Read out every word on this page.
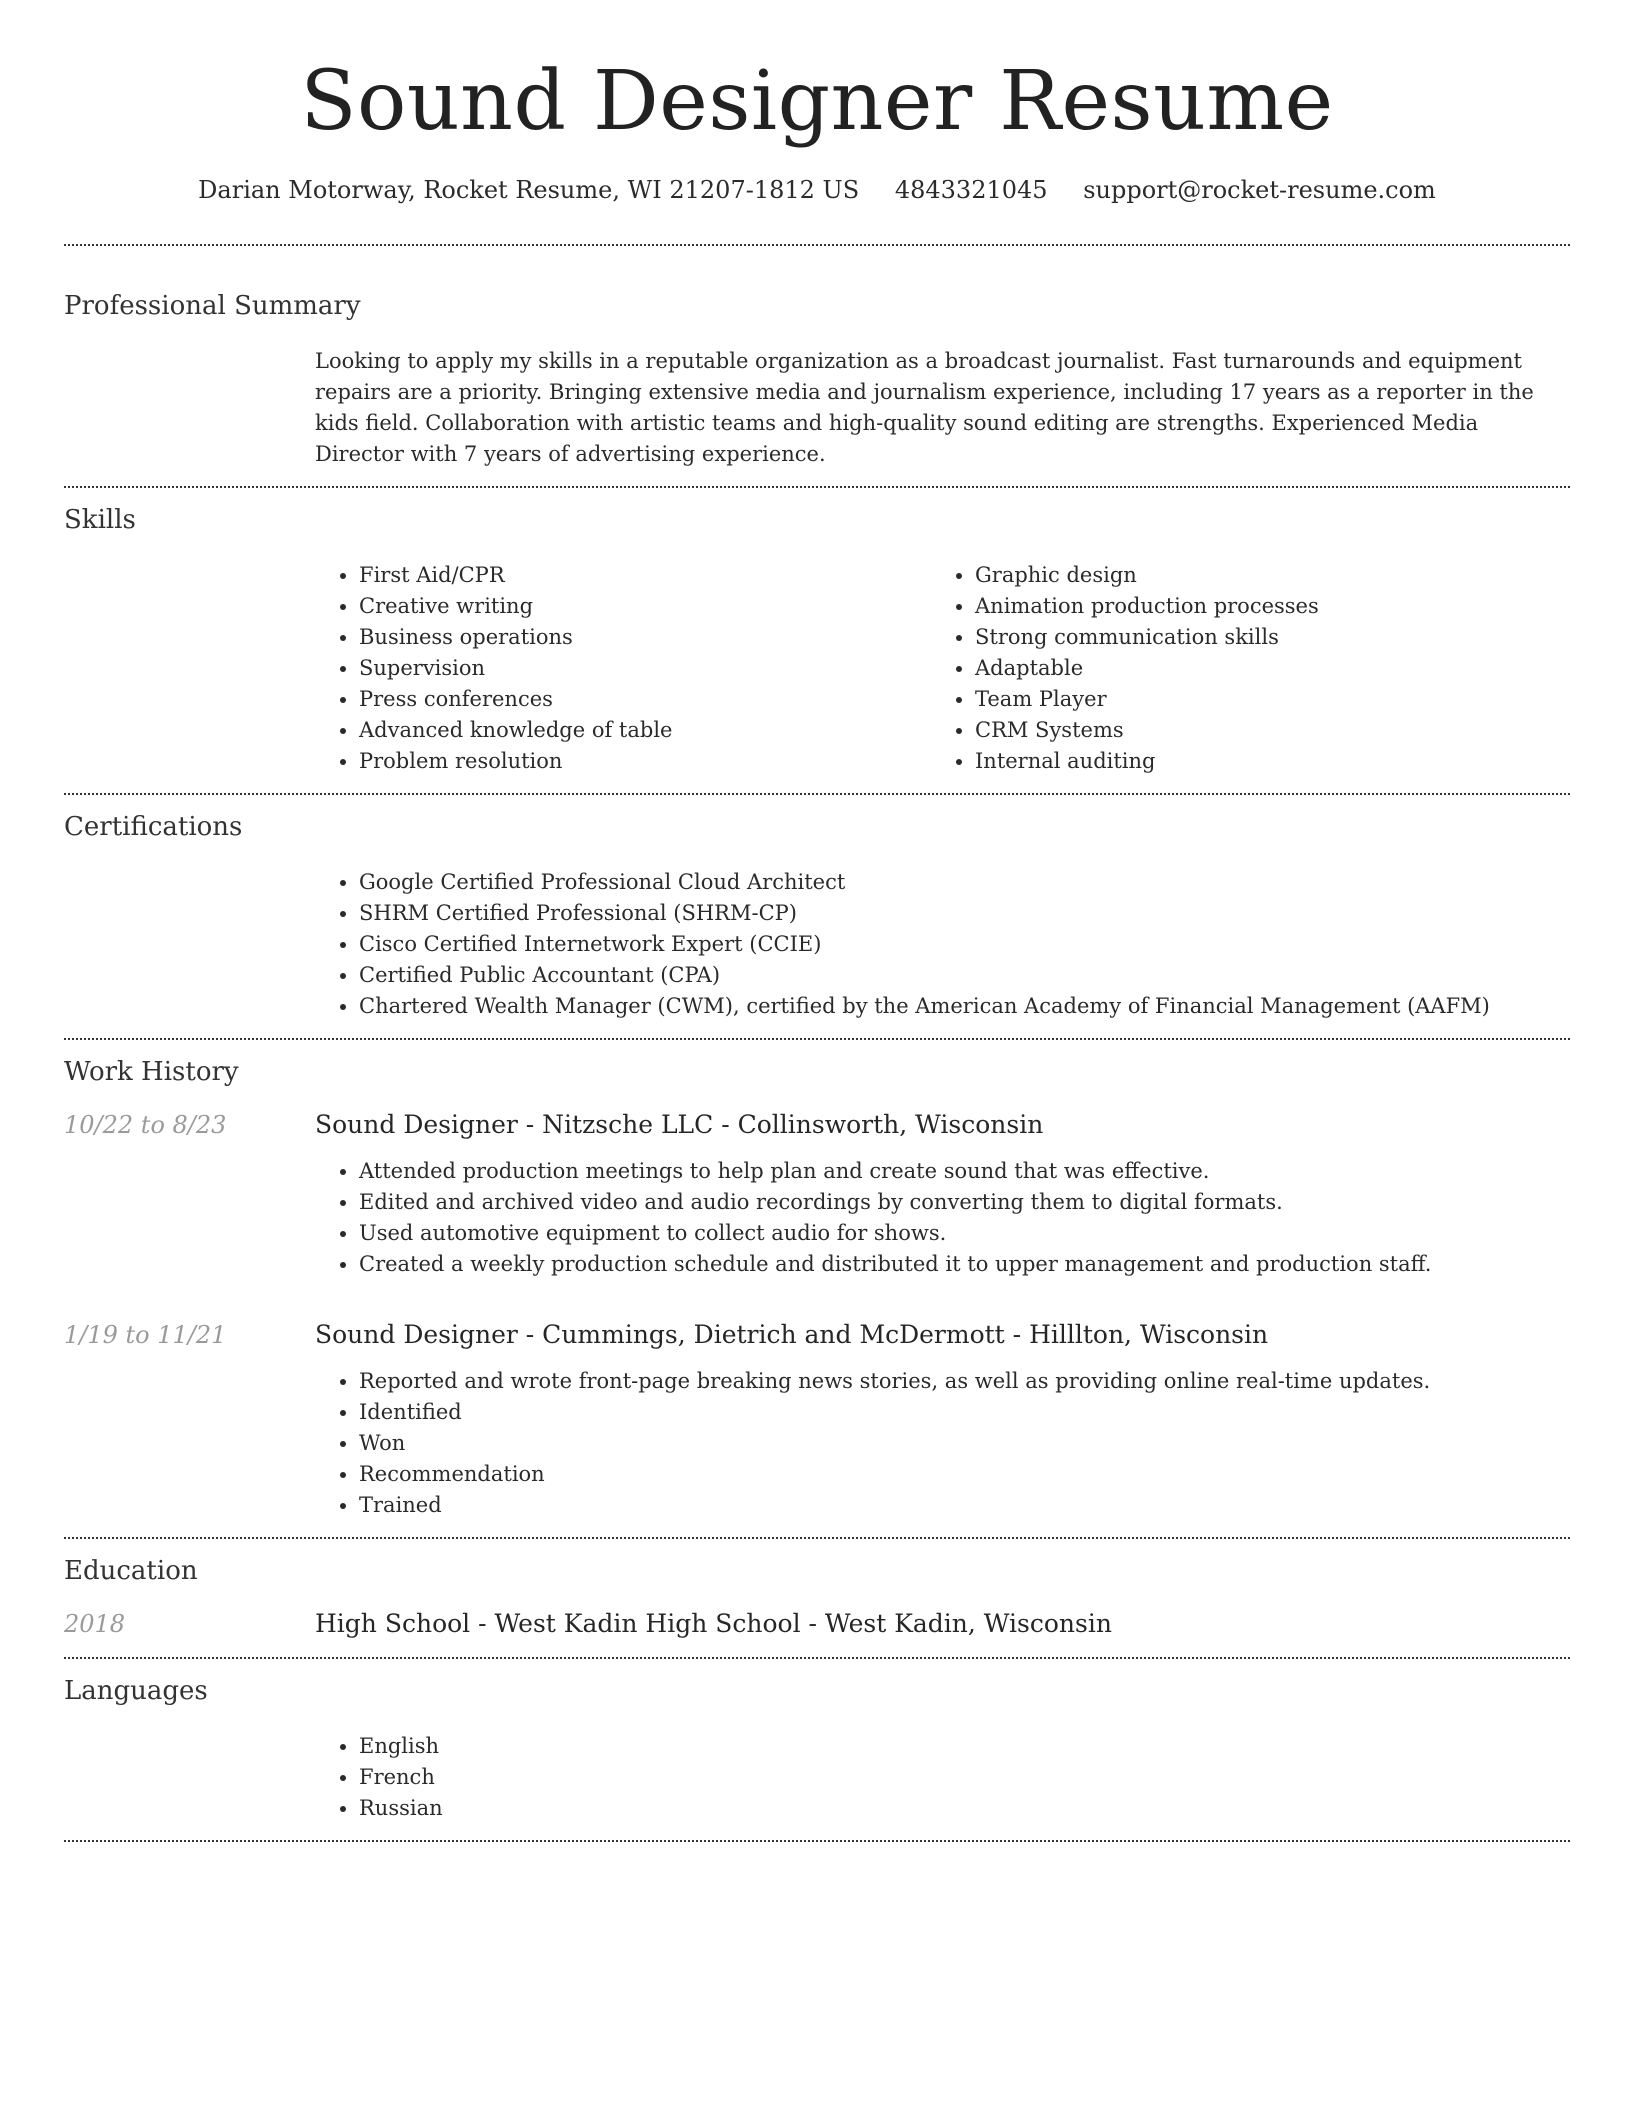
Sound Designer Resume
Darian Motorway, Rocket Resume, WI 21207-1812 US 4843321045 support@rocket-resume.com
Professional Summary

Looking to apply my skills in a reputable organization as a broadcast journalist. Fast turnarounds and equipment repairs are a priority. Bringing extensive media and journalism experience, including 17 years as a reporter in the kids field. Collaboration with artistic teams and high-quality sound editing are strengths. Experienced Media Director with 7 years of advertising experience.

Skills
• First Aid/CPR
• Creative writing
• Business operations
• Supervision
• Press conferences
• Advanced knowledge of table
• Problem resolution
• Graphic design
• Animation production processes
• Strong communication skills
• Adaptable
• Team Player
• CRM Systems
• Internal auditing
Certifications
• Google Certified Professional Cloud Architect
• SHRM Certified Professional (SHRM-CP)
• Cisco Certified Internetwork Expert (CCIE)
• Certified Public Accountant (CPA)
• Chartered Wealth Manager (CWM), certified by the American Academy of Financial Management (AAFM)
Work History
10/22 to 8/23	Sound Designer - Nitzsche LLC - Collinsworth, Wisconsin
• Attended production meetings to help plan and create sound that was effective.
• Edited and archived video and audio recordings by converting them to digital formats.
• Used automotive equipment to collect audio for shows.
• Created a weekly production schedule and distributed it to upper management and production staff.
1/19 to 11/21	Sound Designer - Cummings, Dietrich and McDermott - Hilllton, Wisconsin
• Reported and wrote front-page breaking news stories, as well as providing online real-time updates.
• Identified
• Won
• Recommendation
• Trained
Education
2018	High School - West Kadin High School - West Kadin, Wisconsin
Languages
• English
• French
• Russian
